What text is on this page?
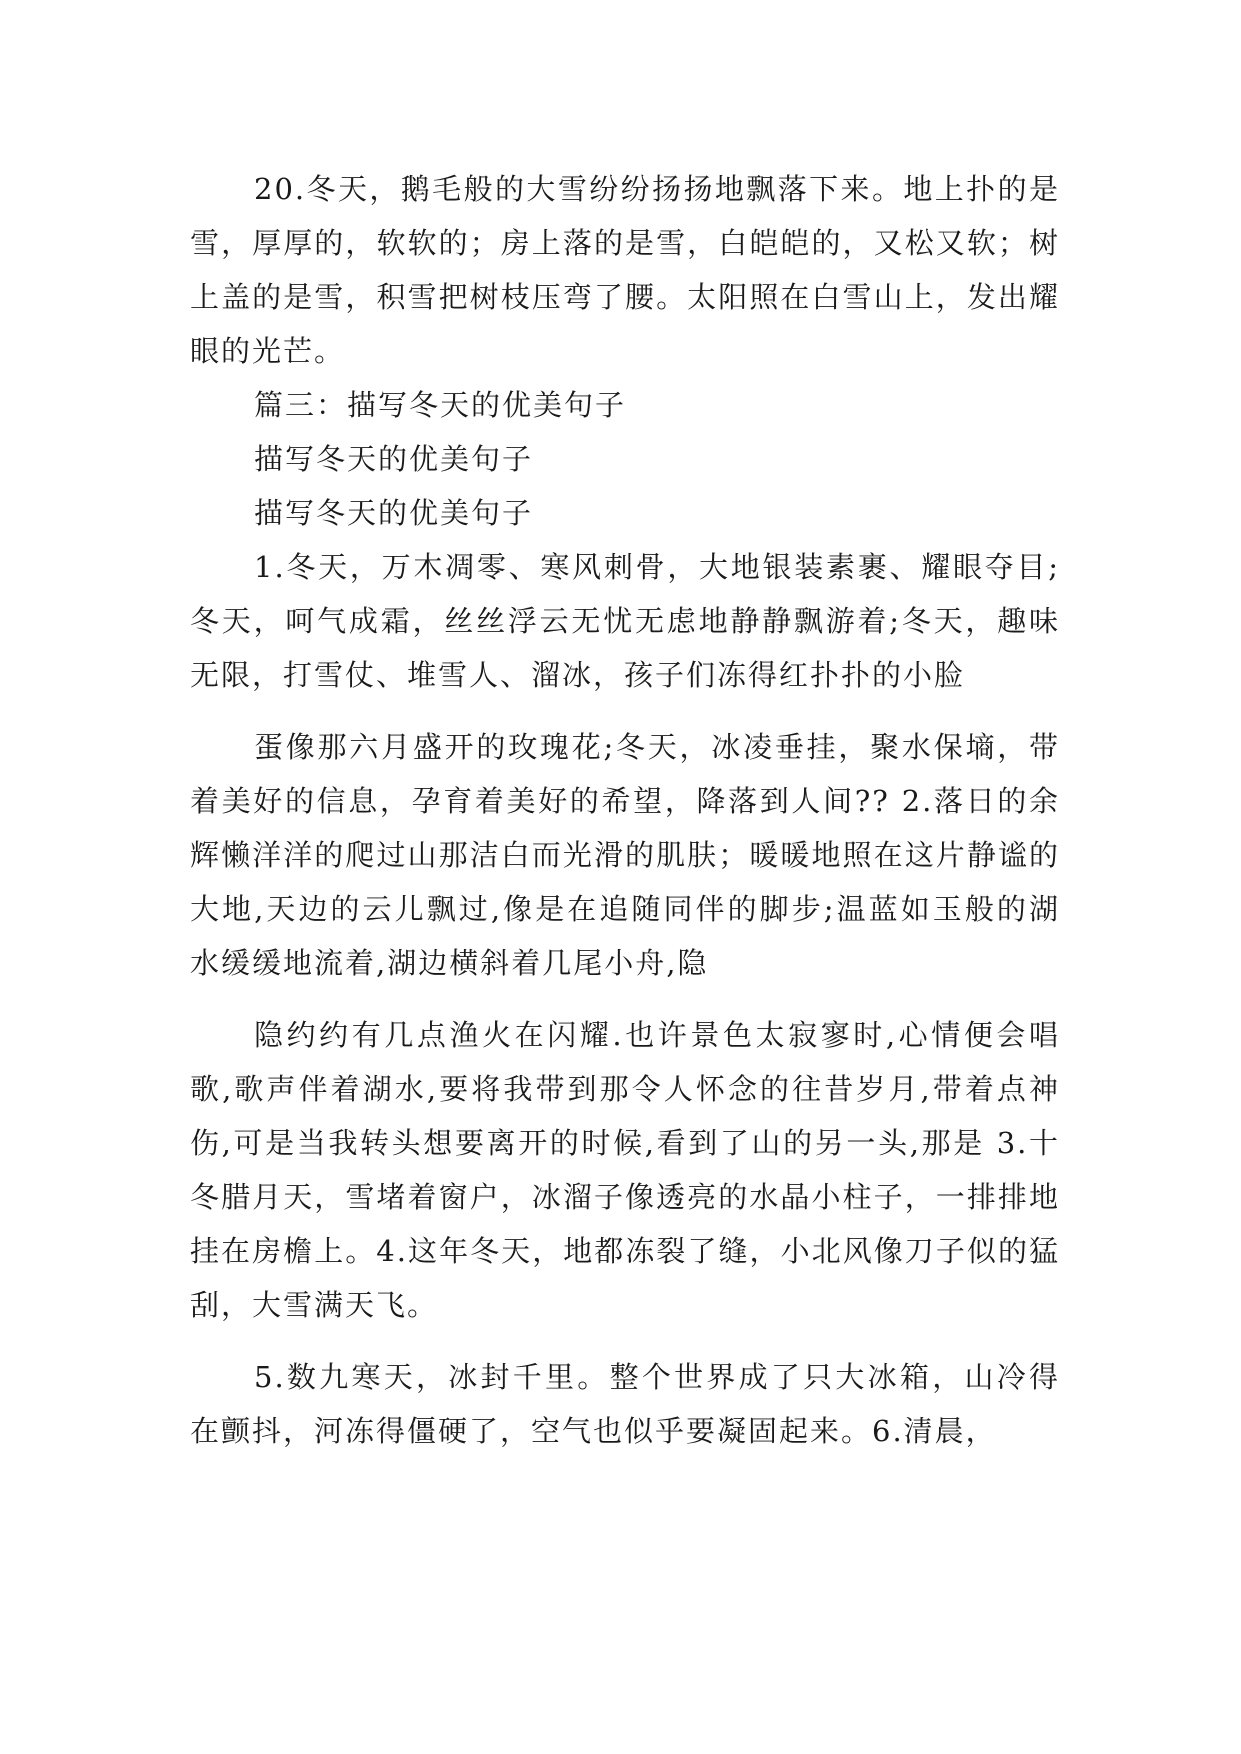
20.冬天，鹅毛般的大雪纷纷扬扬地飘落下来。地上扑的是雪，厚厚的，软软的；房上落的是雪，白皑皑的，又松又软；树上盖的是雪，积雪把树枝压弯了腰。太阳照在白雪山上，发出耀眼的光芒。

篇三：描写冬天的优美句子

描写冬天的优美句子

描写冬天的优美句子

1.冬天，万木凋零、寒风刺骨，大地银装素裹、耀眼夺目;冬天，呵气成霜，丝丝浮云无忧无虑地静静飘游着;冬天，趣味无限，打雪仗、堆雪人、溜冰，孩子们冻得红扑扑的小脸

蛋像那六月盛开的玫瑰花;冬天，冰凌垂挂，聚水保墒，带着美好的信息，孕育着美好的希望，降落到人间?? 2.落日的余辉懒洋洋的爬过山那洁白而光滑的肌肤；暖暖地照在这片静谧的大地,天边的云儿飘过,像是在追随同伴的脚步;温蓝如玉般的湖水缓缓地流着,湖边横斜着几尾小舟,隐

隐约约有几点渔火在闪耀.也许景色太寂寥时,心情便会唱歌,歌声伴着湖水,要将我带到那令人怀念的往昔岁月,带着点神伤,可是当我转头想要离开的时候,看到了山的另一头,那是 3.十冬腊月天，雪堵着窗户，冰溜子像透亮的水晶小柱子，一排排地挂在房檐上。4.这年冬天，地都冻裂了缝，小北风像刀子似的猛刮，大雪满天飞。

5.数九寒天，冰封千里。整个世界成了只大冰箱，山冷得在颤抖，河冻得僵硬了，空气也似乎要凝固起来。6.清晨，
